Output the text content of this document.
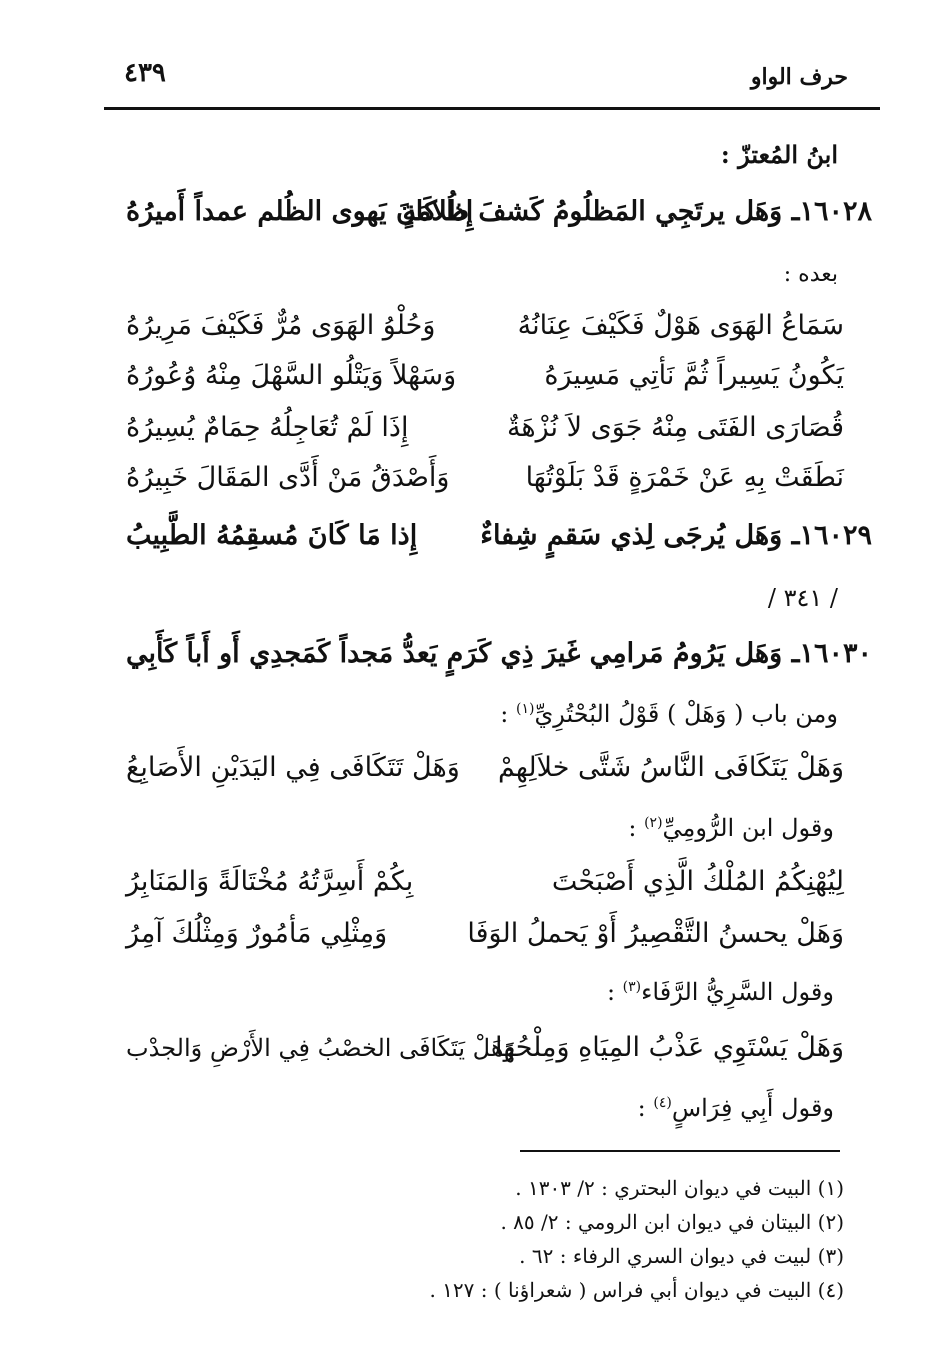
حرف الواو
٤٣٩
ابنُ المُعتزّ :
١٦٠٢٨ـ وَهَل يرتَجِي المَظلُومُ كَشفَ ظُلامَةٍ
إِذا كَانَ يَهوى الظُلم عمداً أَميرُهُ
بعده :
سَمَاعُ الهَوَى هَوْلٌ فَكَيْفَ عِنَانُهُ
وَحُلْوُ الهَوَى مُرٌّ فَكَيْفَ مَرِيرُهُ
يَكُونُ يَسِيراً ثُمَّ نَأتِي مَسِيرَهُ
وَسَهْلاً وَيَتْلُو السَّهْلَ مِنْهُ وُعُورُهُ
قُصَارَى الفَتَى مِنْهُ جَوَى لاَ نُزْهَةٌ
إِذَا لَمْ تُعَاجِلُهُ حِمَامٌ يُسِيرُهُ
نَطَقَتْ بِهِ عَنْ خَمْرَةٍ قَدْ بَلَوْتُهَا
وَأَصْدَقُ مَنْ أَدَّى المَقَالَ خَبِيرُهُ
١٦٠٢٩ـ وَهَل يُرجَى لِذي سَقمٍ شِفاءٌ
إِذا مَا كَانَ مُسقِمُهُ الطَّبِيبُ
/ ٣٤١ /
١٦٠٣٠ـ وَهَل يَرُومُ مَرامِي غَيرَ ذِي كَرَمٍ
يَعدُّ مَجداً كَمَجدِي أَو أَباً كَأَبِي
ومن باب ( وَهَلْ ) قَوْلُ البُحْتُرِيِّ$^{(١)}$ :
وَهَلْ يَتَكَافَى النَّاسُ شَتَّى خلاَلِهِمْ
وَهَلْ تَتَكَافَى فِي اليَدَيْنِ الأَصَابِعُ
وقول ابن الرُّومِيِّ$^{(٢)}$ :
لِيُهْنِكُمُ المُلْكُ الَّذِي أَصْبَحْتَ
بِكُمْ أَسِرَّتُهُ مُخْتَالَةً وَالمَنَابِرُ
وَهَلْ يحسنُ التَّقْصِيرُ أَوْ يَحملُ الوَفَا
وَمِثْلِي مَأمُورٌ وَمِثْلُكَ آمِرُ
وقول السَّرِيُّ الرَّفَاء$^{(٣)}$ :
وَهَلْ يَسْتَوِي عَذْبُ المِيَاهِ وَمِلْحُهَا
وَهَلْ يَتَكَافَى الخصْبُ فِي الأَرْضِ وَالجدْب
وقول أَبِي فِرَاسٍ$^{(٤)}$ :
(١) البيت في ديوان البحتري : ٢/ ١٣٠٣ .
(٢) البيتان في ديوان ابن الرومي : ٢/ ٨٥ .
(٣) لبيت في ديوان السري الرفاء : ٦٢ .
(٤) البيت في ديوان أبي فراس ( شعراؤنا ) : ١٢٧ .
